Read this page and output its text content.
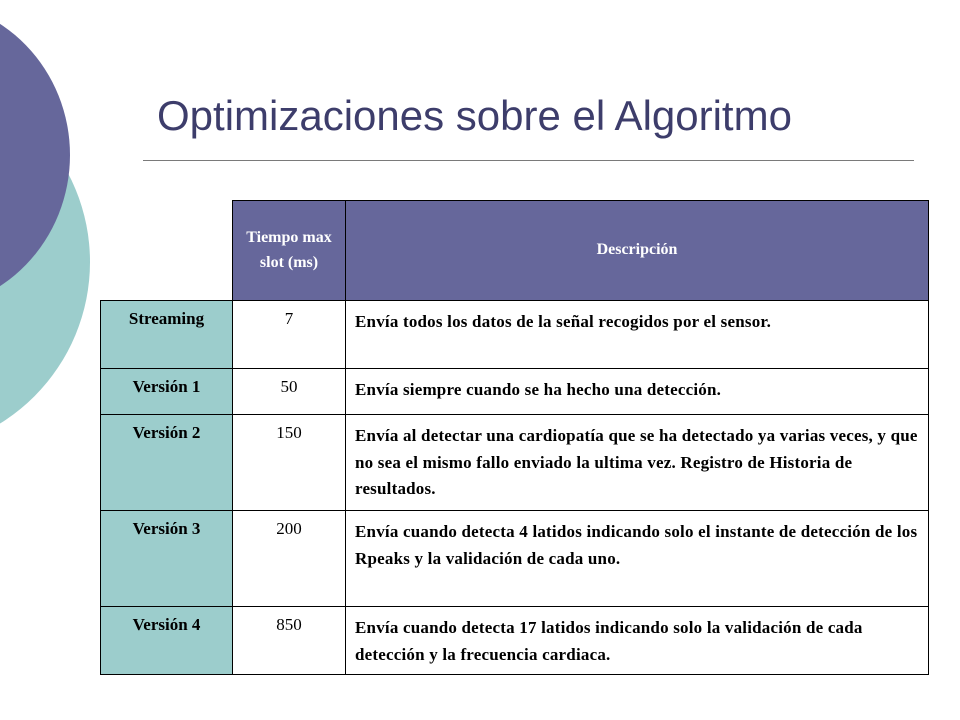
Optimizaciones sobre el Algoritmo
	Tiempo max slot (ms)	Descripción
Streaming	7	Envía todos los datos de la señal recogidos por el sensor.
Versión 1	50	Envía siempre cuando se ha hecho una detección.
Versión 2	150	Envía al detectar una cardiopatía que se ha detectado ya varias veces, y que no sea el mismo fallo enviado la ultima vez. Registro de Historia de resultados.
Versión 3	200	Envía cuando detecta 4 latidos indicando solo el instante de detección de los Rpeaks y la validación de cada uno.
Versión 4	850	Envía cuando detecta 17 latidos indicando solo la validación de cada detección y la frecuencia cardiaca.
